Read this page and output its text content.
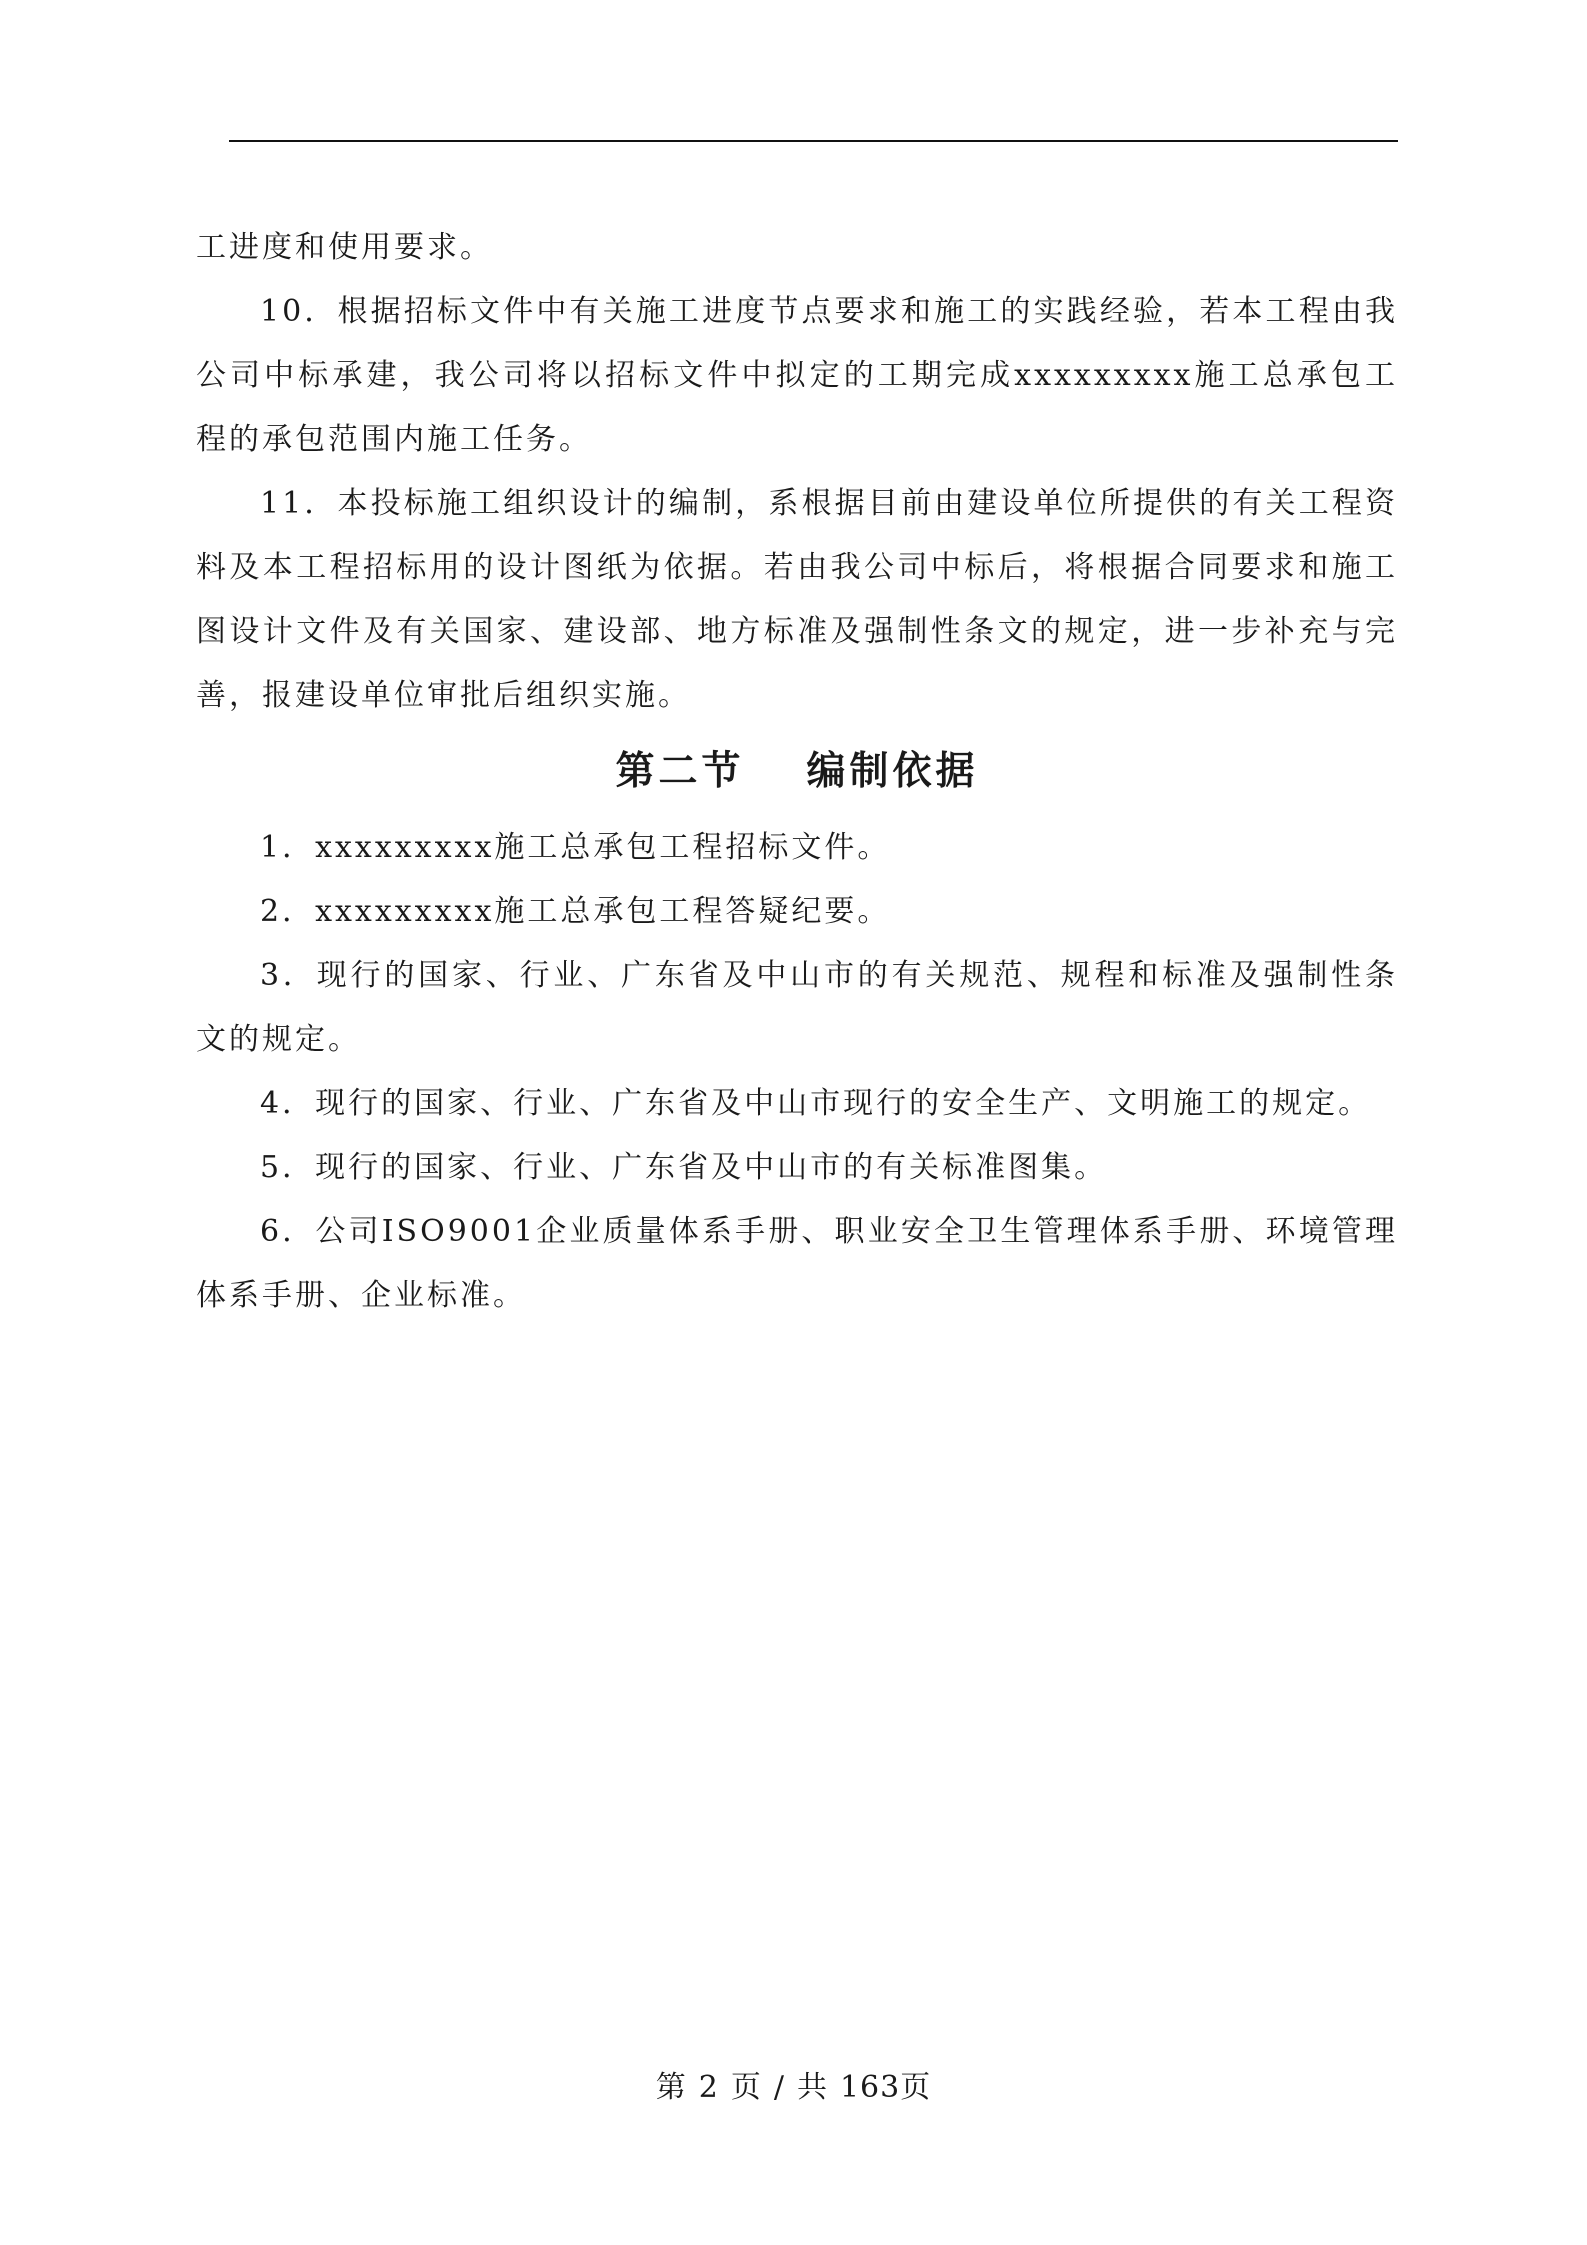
工进度和使用要求。

10．根据招标文件中有关施工进度节点要求和施工的实践经验，若本工程由我公司中标承建，我公司将以招标文件中拟定的工期完成xxxxxxxxx施工总承包工程的承包范围内施工任务。

11．本投标施工组织设计的编制，系根据目前由建设单位所提供的有关工程资料及本工程招标用的设计图纸为依据。若由我公司中标后，将根据合同要求和施工图设计文件及有关国家、建设部、地方标准及强制性条文的规定，进一步补充与完善，报建设单位审批后组织实施。

第二节 编制依据

1．xxxxxxxxx施工总承包工程招标文件。

2．xxxxxxxxx施工总承包工程答疑纪要。

3．现行的国家、行业、广东省及中山市的有关规范、规程和标准及强制性条文的规定。

4．现行的国家、行业、广东省及中山市现行的安全生产、文明施工的规定。

5．现行的国家、行业、广东省及中山市的有关标准图集。

6．公司ISO9001企业质量体系手册、职业安全卫生管理体系手册、环境管理体系手册、企业标准。

第 2 页 / 共 163页
